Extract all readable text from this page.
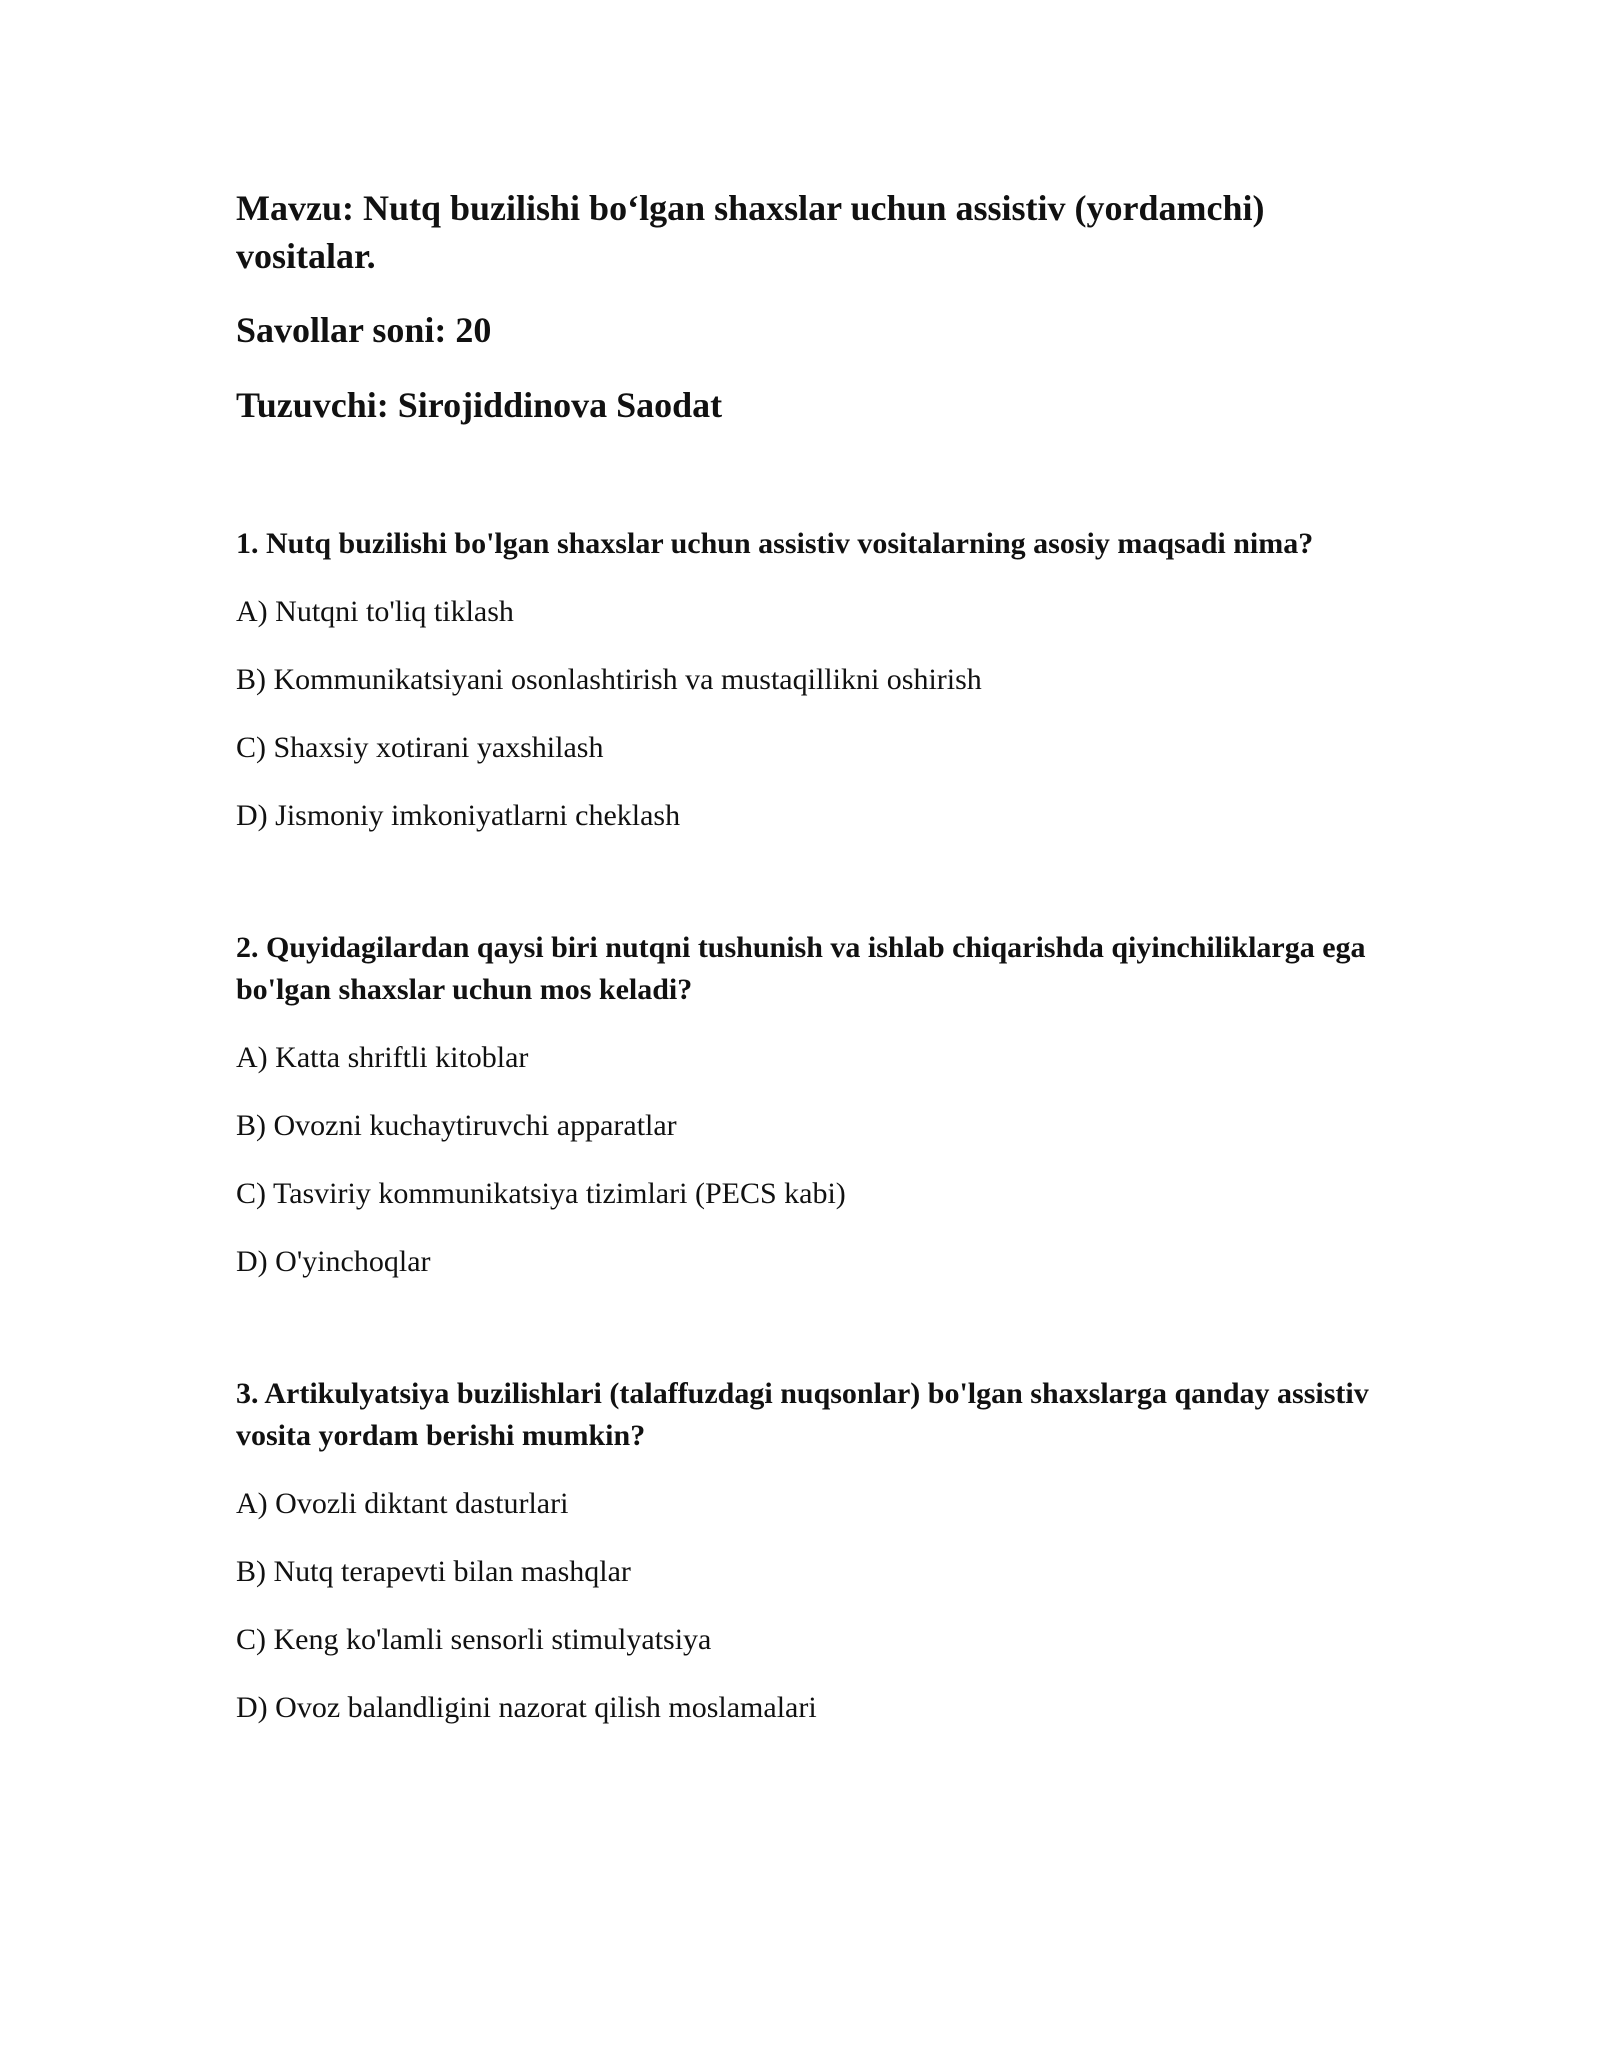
Mavzu: Nutq buzilishi bo‘lgan shaxslar uchun assistiv (yordamchi) vositalar.

Savollar soni: 20

Tuzuvchi: Sirojiddinova Saodat

1. Nutq buzilishi bo'lgan shaxslar uchun assistiv vositalarning asosiy maqsadi nima?

A) Nutqni to'liq tiklash

B) Kommunikatsiyani osonlashtirish va mustaqillikni oshirish

C) Shaxsiy xotirani yaxshilash

D) Jismoniy imkoniyatlarni cheklash

2. Quyidagilardan qaysi biri nutqni tushunish va ishlab chiqarishda qiyinchiliklarga ega bo'lgan shaxslar uchun mos keladi?

A) Katta shriftli kitoblar

B) Ovozni kuchaytiruvchi apparatlar

C) Tasviriy kommunikatsiya tizimlari (PECS kabi)

D) O'yinchoqlar

3. Artikulyatsiya buzilishlari (talaffuzdagi nuqsonlar) bo'lgan shaxslarga qanday assistiv vosita yordam berishi mumkin?

A) Ovozli diktant dasturlari

B) Nutq terapevti bilan mashqlar

C) Keng ko'lamli sensorli stimulyatsiya

D) Ovoz balandligini nazorat qilish moslamalari
